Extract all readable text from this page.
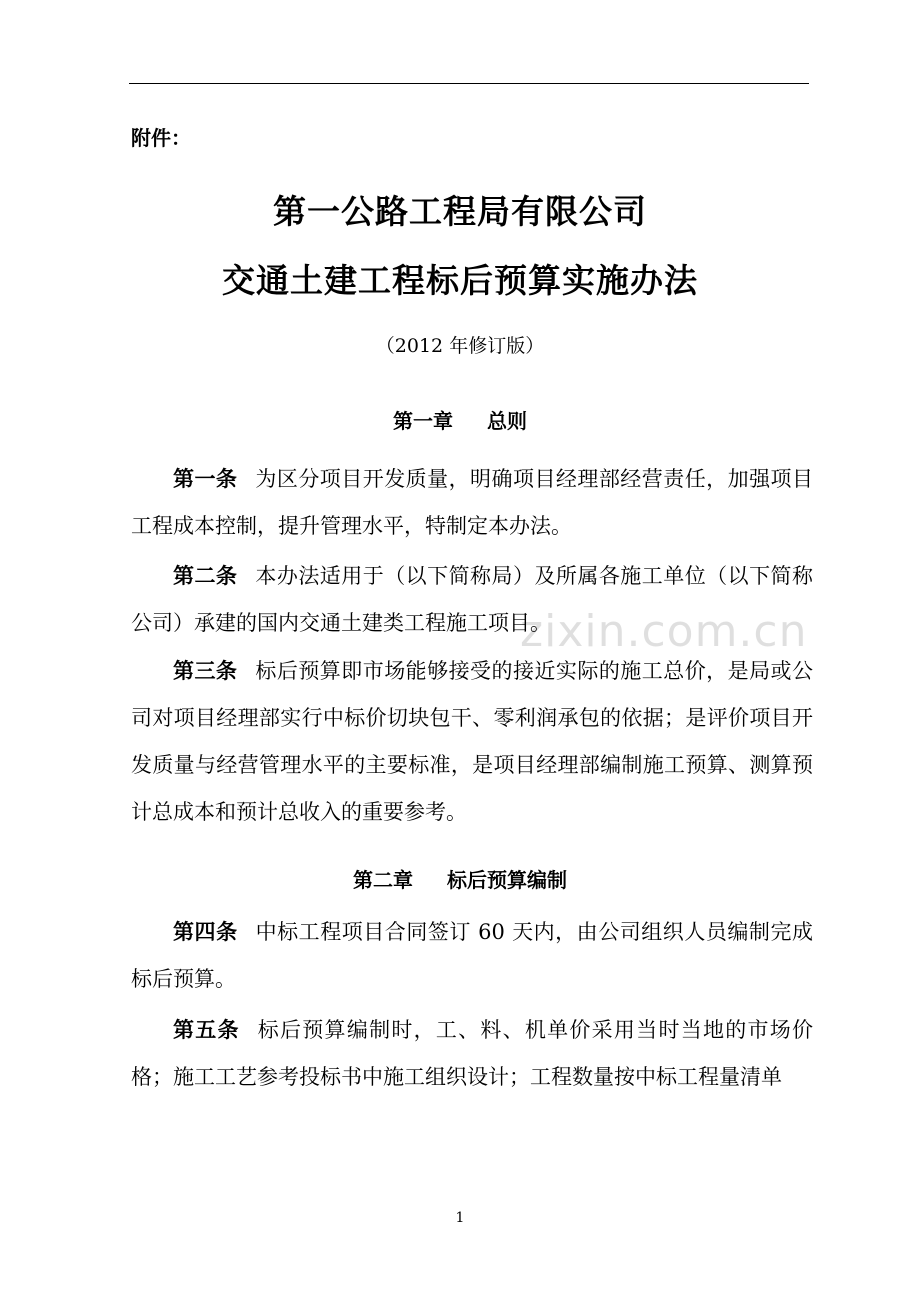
附件：
第一公路工程局有限公司
交通土建工程标后预算实施办法
（2012 年修订版）
第一章 总则

第一条 为区分项目开发质量，明确项目经理部经营责任，加强项目工程成本控制，提升管理水平，特制定本办法。

第二条 本办法适用于（以下简称局）及所属各施工单位（以下简称公司）承建的国内交通土建类工程施工项目。

第三条 标后预算即市场能够接受的接近实际的施工总价，是局或公司对项目经理部实行中标价切块包干、零利润承包的依据；是评价项目开发质量与经营管理水平的主要标准，是项目经理部编制施工预算、测算预计总成本和预计总收入的重要参考。

第二章 标后预算编制

第四条 中标工程项目合同签订 60 天内，由公司组织人员编制完成标后预算。

第五条 标后预算编制时，工、料、机单价采用当时当地的市场价格；施工工艺参考投标书中施工组织设计；工程数量按中标工程量清单

zixin.com.cn
1
